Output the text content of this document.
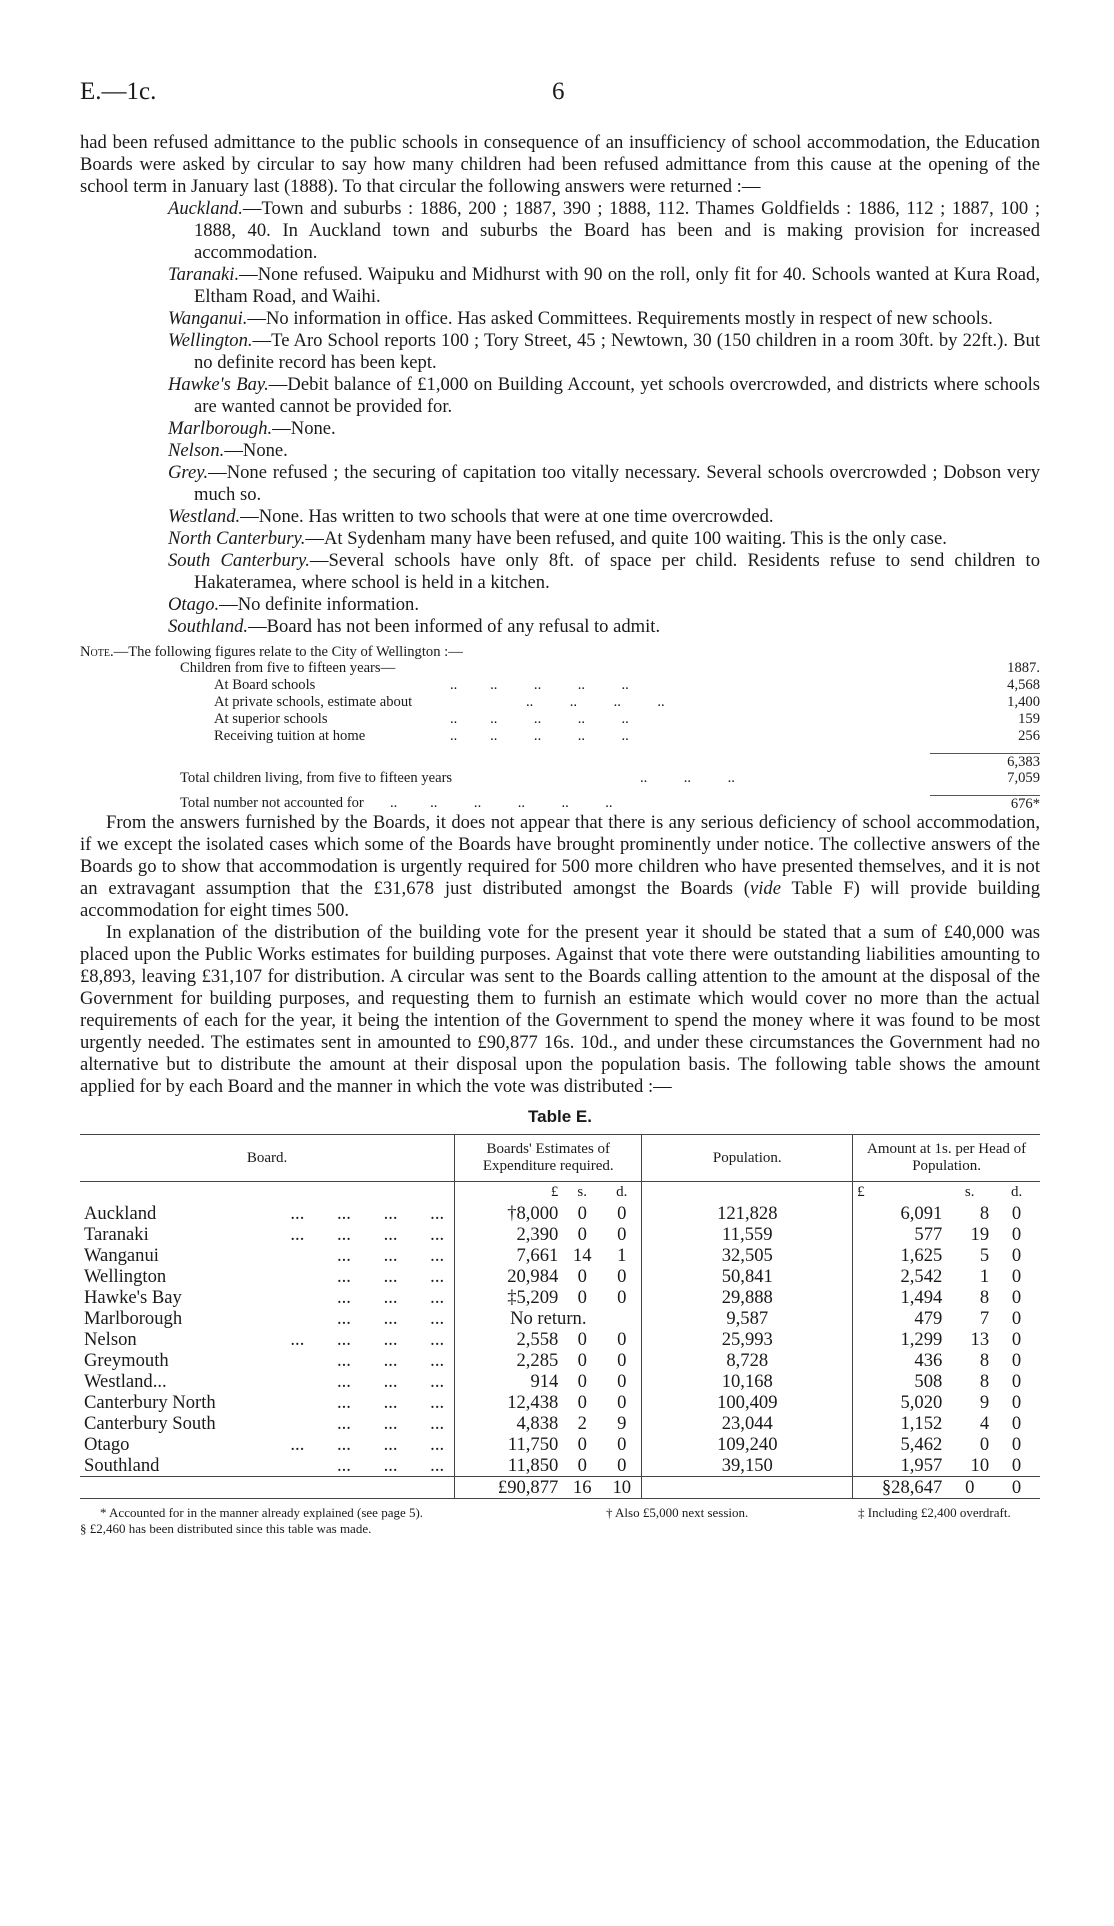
E.—1c.	6

had been refused admittance to the public schools in consequence of an insufficiency of school accommodation, the Education Boards were asked by circular to say how many children had been refused admittance from this cause at the opening of the school term in January last (1888). To that circular the following answers were returned :—

Auckland.—Town and suburbs : 1886, 200 ; 1887, 390 ; 1888, 112. Thames Goldfields : 1886, 112 ; 1887, 100 ; 1888, 40. In Auckland town and suburbs the Board has been and is making provision for increased accommodation.

Taranaki.—None refused. Waipuku and Midhurst with 90 on the roll, only fit for 40. Schools wanted at Kura Road, Eltham Road, and Waihi.

Wanganui.—No information in office. Has asked Committees. Requirements mostly in respect of new schools.

Wellington.—Te Aro School reports 100 ; Tory Street, 45 ; Newtown, 30 (150 children in a room 30ft. by 22ft.). But no definite record has been kept.

Hawke's Bay.—Debit balance of £1,000 on Building Account, yet schools overcrowded, and districts where schools are wanted cannot be provided for.

Marlborough.—None.

Nelson.—None.

Grey.—None refused ; the securing of capitation too vitally necessary. Several schools overcrowded ; Dobson very much so.

Westland.—None. Has written to two schools that were at one time overcrowded.

North Canterbury.—At Sydenham many have been refused, and quite 100 waiting. This is the only case.

South Canterbury.—Several schools have only 8ft. of space per child. Residents refuse to send children to Hakateramea, where school is held in a kitchen.

Otago.—No definite information.

Southland.—Board has not been informed of any refusal to admit.

Note.—The following figures relate to the City of Wellington :—

Children from five to fifteen years—	1887.
At Board schools	..         ..          ..          ..          ..	4,568
At private schools, estimate about	..          ..          ..          ..	1,400
At superior schools	..         ..          ..          ..          ..	159
Receiving tuition at home	..         ..          ..          ..          ..	256
6,383
Total children living, from five to fifteen years	..          ..          ..	7,059
Total number not accounted for ..         ..          ..          ..          ..          ..	676*

From the answers furnished by the Boards, it does not appear that there is any serious deficiency of school accommodation, if we except the isolated cases which some of the Boards have brought prominently under notice. The collective answers of the Boards go to show that accommodation is urgently required for 500 more children who have presented themselves, and it is not an extravagant assumption that the £31,678 just distributed amongst the Boards (vide Table F) will provide building accommodation for eight times 500.

In explanation of the distribution of the building vote for the present year it should be stated that a sum of £40,000 was placed upon the Public Works estimates for building purposes. Against that vote there were outstanding liabilities amounting to £8,893, leaving £31,107 for distribution. A circular was sent to the Boards calling attention to the amount at the disposal of the Government for building purposes, and requesting them to furnish an estimate which would cover no more than the actual requirements of each for the year, it being the intention of the Government to spend the money where it was found to be most urgently needed. The estimates sent in amounted to £90,877 16s. 10d., and under these circumstances the Government had no alternative but to distribute the amount at their disposal upon the population basis. The following table shows the amount applied for by each Board and the manner in which the vote was distributed :—

Table E.
Board.	Boards' Estimates of Expenditure required.			Population.	Amount at 1s. per Head of Population.		
	£	s.	d.		£	s.	d.
Auckland ... ... ... ...	†8,000	0	0	121,828	6,091	8	0
Taranaki ... ... ... ...	2,390	0	0	11,559	577	19	0
Wanganui ... ... ...	7,661	14	1	32,505	1,625	5	0
Wellington ... ... ...	20,984	0	0	50,841	2,542	1	0
Hawke's Bay ... ... ...	‡5,209	0	0	29,888	1,494	8	0
Marlborough ... ... ...	No return.			9,587	479	7	0
Nelson ... ... ... ...	2,558	0	0	25,993	1,299	13	0
Greymouth ... ... ...	2,285	0	0	8,728	436	8	0
Westland... ... ... ...	914	0	0	10,168	508	8	0
Canterbury North ... ... ...	12,438	0	0	100,409	5,020	9	0
Canterbury South ... ... ...	4,838	2	9	23,044	1,152	4	0
Otago ... ... ... ...	11,750	0	0	109,240	5,462	0	0
Southland ... ... ...	11,850	0	0	39,150	1,957	10	0
	£90,877	16	10		§28,647	0	0
* Accounted for in the manner already explained (see page 5).	† Also £5,000 next session.	‡ Including £2,400 overdraft.
§ £2,460 has been distributed since this table was made.
